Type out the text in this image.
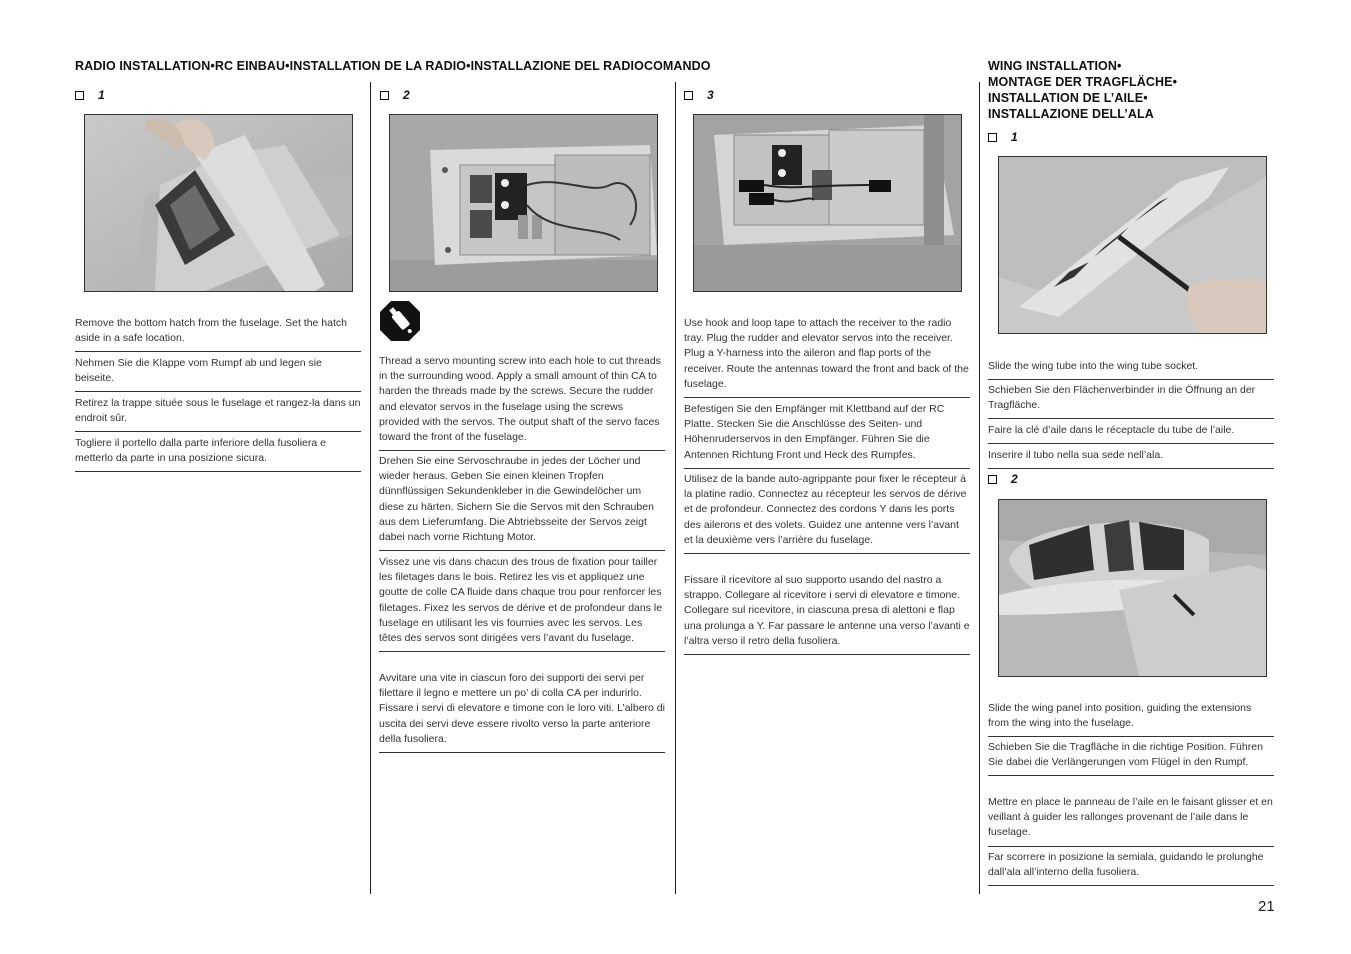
RADIO INSTALLATION•RC EINBAU•INSTALLATION DE LA RADIO•INSTALLAZIONE DEL RADIOCOMANDO	WING INSTALLATION•
MONTAGE DER TRAGFLÄCHE•
INSTALLATION DE L’AILE•
INSTALLAZIONE DELL’ALA
1	2	3
1
2
Remove the bottom hatch from the fuselage. Set the hatch aside in a safe location.
Nehmen Sie die Klappe vom Rumpf ab und legen sie beiseite.
Retirez la trappe située sous le fuselage et rangez-la dans un endroit sûr.
Togliere il portello dalla parte inferiore della fusoliera e metterlo da parte in una posizione sicura.
Thread a servo mounting screw into each hole to cut threads in the surrounding wood. Apply a small amount of thin CA to harden the threads made by the screws. Secure the rudder and elevator servos in the fuselage using the screws provided with the servos. The output shaft of the servo faces toward the front of the fuselage.
Drehen Sie eine Servoschraube in jedes der Löcher und wieder heraus. Geben Sie einen kleinen Tropfen dünnflüssigen Sekundenkleber in die Gewindelöcher um diese zu härten. Sichern Sie die Servos mit den Schrauben aus dem Lieferumfang. Die Abtriebsseite der Servos zeigt dabei nach vorne Richtung Motor.
Vissez une vis dans chacun des trous de fixation pour tailler les filetages dans le bois. Retirez les vis et appliquez une goutte de colle CA fluide dans chaque trou pour renforcer les filetages. Fixez les servos de dérive et de profondeur dans le fuselage en utilisant les vis fournies avec les servos. Les têtes des servos sont dirigées vers l’avant du fuselage.
Avvitare una vite in ciascun foro dei supporti dei servi per filettare il legno e mettere un po’ di colla CA per indurirlo. Fissare i servi di elevatore e timone con le loro viti. L’albero di uscita dei servi deve essere rivolto verso la parte anteriore della fusoliera.
Use hook and loop tape to attach the receiver to the radio tray. Plug the rudder and elevator servos into the receiver. Plug a Y-harness into the aileron and flap ports of the receiver. Route the antennas toward the front and back of the fuselage.
Befestigen Sie den Empfänger mit Klettband auf der RC Platte. Stecken Sie die Anschlüsse des Seiten- und Höhenruderservos in den Empfänger. Führen Sie die Antennen Richtung Front und Heck des Rumpfes.
Utilisez de la bande auto-agrippante pour fixer le récepteur à la platine radio. Connectez au récepteur les servos de dérive et de profondeur. Connectez des cordons Y dans les ports des ailerons et des volets. Guidez une antenne vers l’avant et la deuxième vers l’arrière du fuselage.
Fissare il ricevitore al suo supporto usando del nastro a strappo. Collegare al ricevitore i servi di elevatore e timone. Collegare sul ricevitore, in ciascuna presa di alettoni e flap una prolunga a Y. Far passare le antenne una verso l’avanti e l’altra verso il retro della fusoliera.
Slide the wing tube into the wing tube socket.
Schieben Sie den Flächenverbinder in die Öffnung an der Tragfläche.
Faire la clé d’aile dans le réceptacle du tube de l’aile.
Inserire il tubo nella sua sede nell’ala.
Slide the wing panel into position, guiding the extensions from the wing into the fuselage.
Schieben Sie die Tragfläche in die richtige Position. Führen Sie dabei die Verlängerungen vom Flügel in den Rumpf.
Mettre en place le panneau de l’aile en le faisant glisser et en veillant à guider les rallonges provenant de l’aile dans le fuselage.
Far scorrere in posizione la semiala, guidando le prolunghe dall’ala all’interno della fusoliera.
21
